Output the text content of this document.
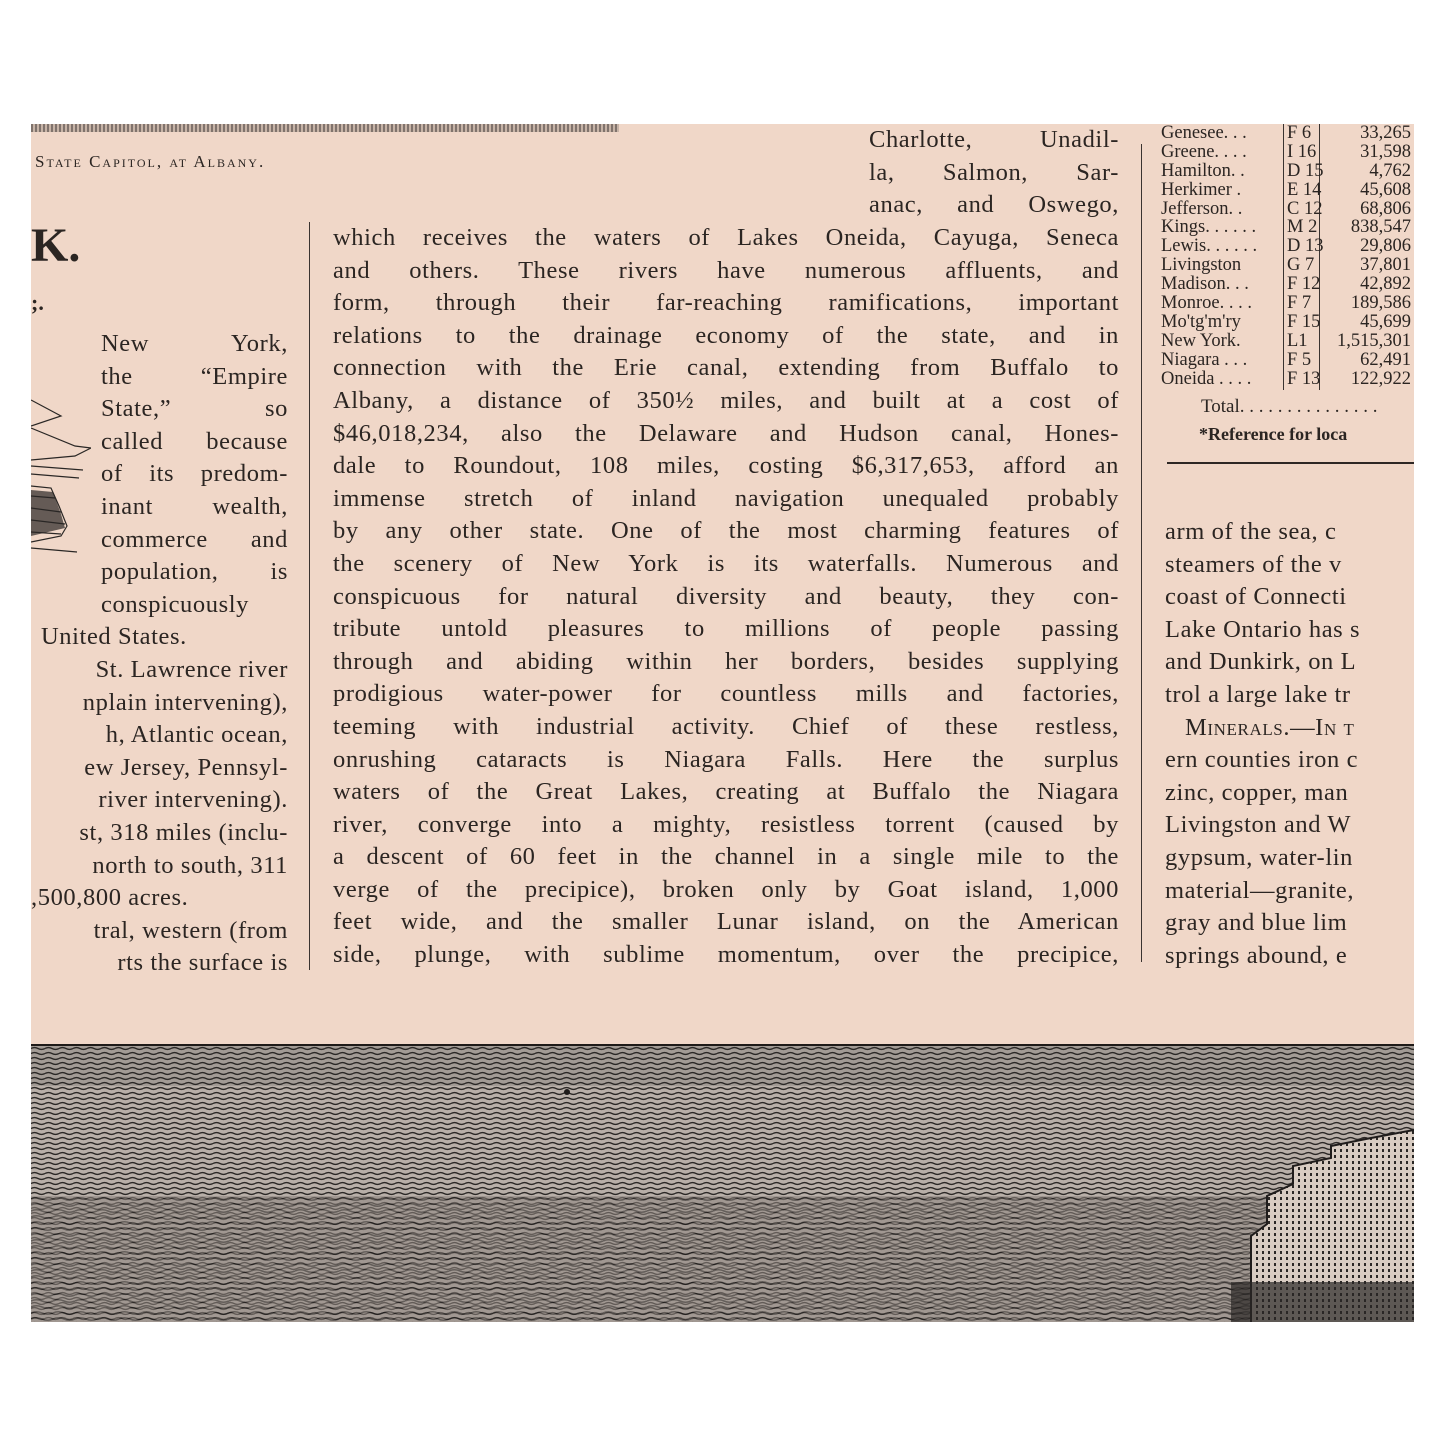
State Capitol, at Albany.
K.
;.
New York,
the “Empire
State,” so
called because
of its predom-
inant wealth,
commerce and
population, is
conspicuously
United States.
St. Lawrence river
nplain intervening),
h, Atlantic ocean,
ew Jersey, Pennsyl-
river intervening).
st, 318 miles (inclu-
north to south, 311
,500,800 acres.
tral, western (from
rts the surface is
Charlotte, Unadil-
la, Salmon, Sar-
anac, and Oswego,
which receives the waters of Lakes Oneida, Cayuga, Seneca
and others. These rivers have numerous affluents, and
form, through their far-reaching ramifications, important
relations to the drainage economy of the state, and in
connection with the Erie canal, extending from Buffalo to
Albany, a distance of 350½ miles, and built at a cost of
$46,018,234, also the Delaware and Hudson canal, Hones-
dale to Roundout, 108 miles, costing $6,317,653, afford an
immense stretch of inland navigation unequaled probably
by any other state. One of the most charming features of
the scenery of New York is its waterfalls. Numerous and
conspicuous for natural diversity and beauty, they con-
tribute untold pleasures to millions of people passing
through and abiding within her borders, besides supplying
prodigious water-power for countless mills and factories,
teeming with industrial activity. Chief of these restless,
onrushing cataracts is Niagara Falls. Here the surplus
waters of the Great Lakes, creating at Buffalo the Niagara
river, converge into a mighty, resistless torrent (caused by
a descent of 60 feet in the channel in a single mile to the
verge of the precipice), broken only by Goat island, 1,000
feet wide, and the smaller Lunar island, on the American
side, plunge, with sublime momentum, over the precipice,
Genesee. . . F 6	33,265
Greene. . . . I 16 31,598
Hamilton. . D 15 4,762
Herkimer . E 14 45,608
Jefferson. . C 12 68,806
Kings. . . . . . M 2 838,547
Lewis. . . . . . D 13 29,806
Livingston G 7 37,801
Madison. . . F 12 42,892
Monroe. . . . F 7 189,586
Mo'tg'm'ry F 15 45,699
New York.	L1 1,515,301
Niagara . . . F 5	62,491
Oneida . . . . F 13 122,922
Total. . . . . . . . . . . . . . .
*Reference for loca
arm of the sea, c
steamers of the v
coast of Connecti
Lake Ontario has s
and Dunkirk, on L
trol a large lake tr
Minerals.—In t
ern counties iron c
zinc, copper, man
Livingston and W
gypsum, water-lin
material—granite,
gray and blue lim
springs abound, e
